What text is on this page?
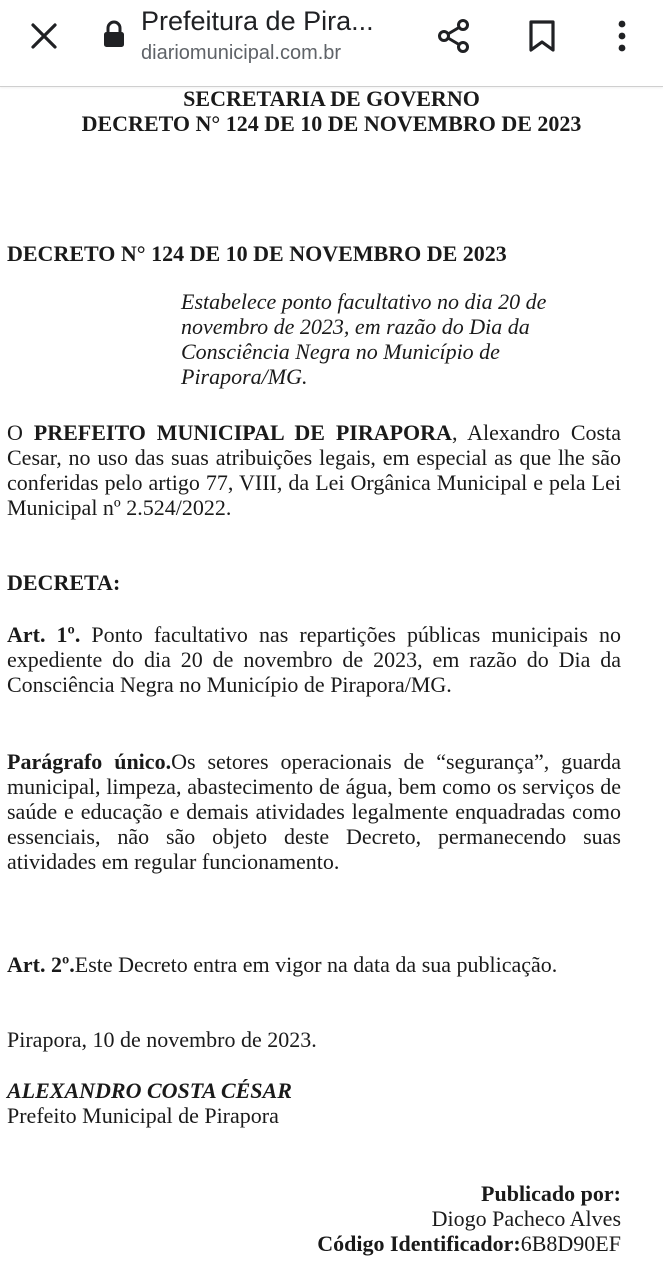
Prefeitura de Pira...
diariomunicipal.com.br

SECRETARIA DE GOVERNO

DECRETO N° 124 DE 10 DE NOVEMBRO DE 2023

DECRETO N° 124 DE 10 DE NOVEMBRO DE 2023

Estabelece ponto facultativo no dia 20 de novembro de 2023, em razão do Dia da Consciência Negra no Município de Pirapora/MG.

O PREFEITO MUNICIPAL DE PIRAPORA, Alexandro Costa Cesar, no uso das suas atribuições legais, em especial as que lhe são conferidas pelo artigo 77, VIII, da Lei Orgânica Municipal e pela Lei Municipal nº 2.524/2022.

DECRETA:

Art. 1º. Ponto facultativo nas repartições públicas municipais no expediente do dia 20 de novembro de 2023, em razão do Dia da Consciência Negra no Município de Pirapora/MG.

Parágrafo único.Os setores operacionais de “segurança”, guarda municipal, limpeza, abastecimento de água, bem como os serviços de saúde e educação e demais atividades legalmente enquadradas como essenciais, não são objeto deste Decreto, permanecendo suas atividades em regular funcionamento.

Art. 2º.Este Decreto entra em vigor na data da sua publicação.

Pirapora, 10 de novembro de 2023.

ALEXANDRO COSTA CÉSAR

Prefeito Municipal de Pirapora

Publicado por:
Diogo Pacheco Alves
Código Identificador:6B8D90EF
